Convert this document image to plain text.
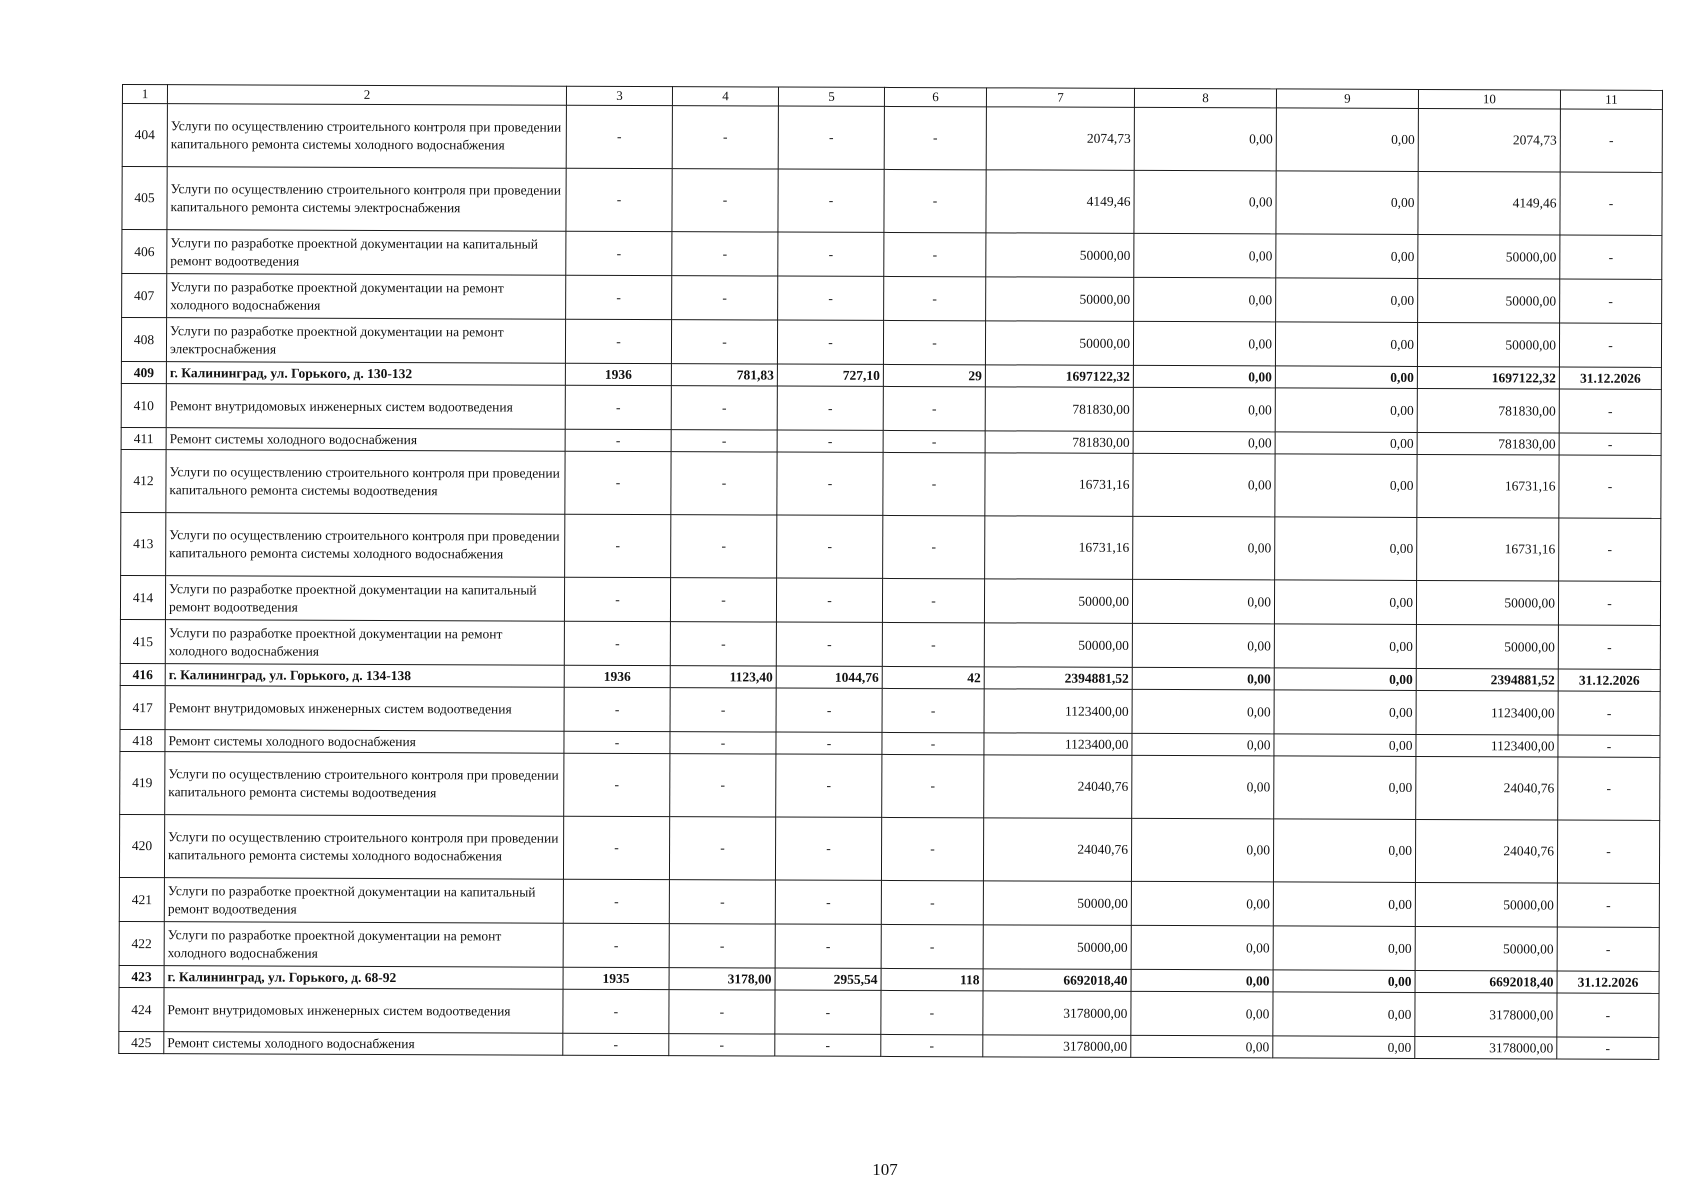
1	2	3	4	5	6	7	8	9	10	11
404	Услуги по осуществлению строительного контроля при проведении капитального ремонта системы холодного водоснабжения	-	-	-	-	2074,73	0,00	0,00	2074,73	-
405	Услуги по осуществлению строительного контроля при проведении капитального ремонта системы электроснабжения	-	-	-	-	4149,46	0,00	0,00	4149,46	-
406	Услуги по разработке проектной документации на капитальный ремонт водоотведения	-	-	-	-	50000,00	0,00	0,00	50000,00	-
407	Услуги по разработке проектной документации на ремонт холодного водоснабжения	-	-	-	-	50000,00	0,00	0,00	50000,00	-
408	Услуги по разработке проектной документации на ремонт электроснабжения	-	-	-	-	50000,00	0,00	0,00	50000,00	-
409	г. Калининград, ул. Горького, д. 130-132	1936	781,83	727,10	29	1697122,32	0,00	0,00	1697122,32	31.12.2026
410	Ремонт внутридомовых инженерных систем водоотведения	-	-	-	-	781830,00	0,00	0,00	781830,00	-
411	Ремонт системы холодного водоснабжения	-	-	-	-	781830,00	0,00	0,00	781830,00	-
412	Услуги по осуществлению строительного контроля при проведении капитального ремонта системы водоотведения	-	-	-	-	16731,16	0,00	0,00	16731,16	-
413	Услуги по осуществлению строительного контроля при проведении капитального ремонта системы холодного водоснабжения	-	-	-	-	16731,16	0,00	0,00	16731,16	-
414	Услуги по разработке проектной документации на капитальный ремонт водоотведения	-	-	-	-	50000,00	0,00	0,00	50000,00	-
415	Услуги по разработке проектной документации на ремонт холодного водоснабжения	-	-	-	-	50000,00	0,00	0,00	50000,00	-
416	г. Калининград, ул. Горького, д. 134-138	1936	1123,40	1044,76	42	2394881,52	0,00	0,00	2394881,52	31.12.2026
417	Ремонт внутридомовых инженерных систем водоотведения	-	-	-	-	1123400,00	0,00	0,00	1123400,00	-
418	Ремонт системы холодного водоснабжения	-	-	-	-	1123400,00	0,00	0,00	1123400,00	-
419	Услуги по осуществлению строительного контроля при проведении капитального ремонта системы водоотведения	-	-	-	-	24040,76	0,00	0,00	24040,76	-
420	Услуги по осуществлению строительного контроля при проведении капитального ремонта системы холодного водоснабжения	-	-	-	-	24040,76	0,00	0,00	24040,76	-
421	Услуги по разработке проектной документации на капитальный ремонт водоотведения	-	-	-	-	50000,00	0,00	0,00	50000,00	-
422	Услуги по разработке проектной документации на ремонт холодного водоснабжения	-	-	-	-	50000,00	0,00	0,00	50000,00	-
423	г. Калининград, ул. Горького, д. 68-92	1935	3178,00	2955,54	118	6692018,40	0,00	0,00	6692018,40	31.12.2026
424	Ремонт внутридомовых инженерных систем водоотведения	-	-	-	-	3178000,00	0,00	0,00	3178000,00	-
425	Ремонт системы холодного водоснабжения	-	-	-	-	3178000,00	0,00	0,00	3178000,00	-
107
